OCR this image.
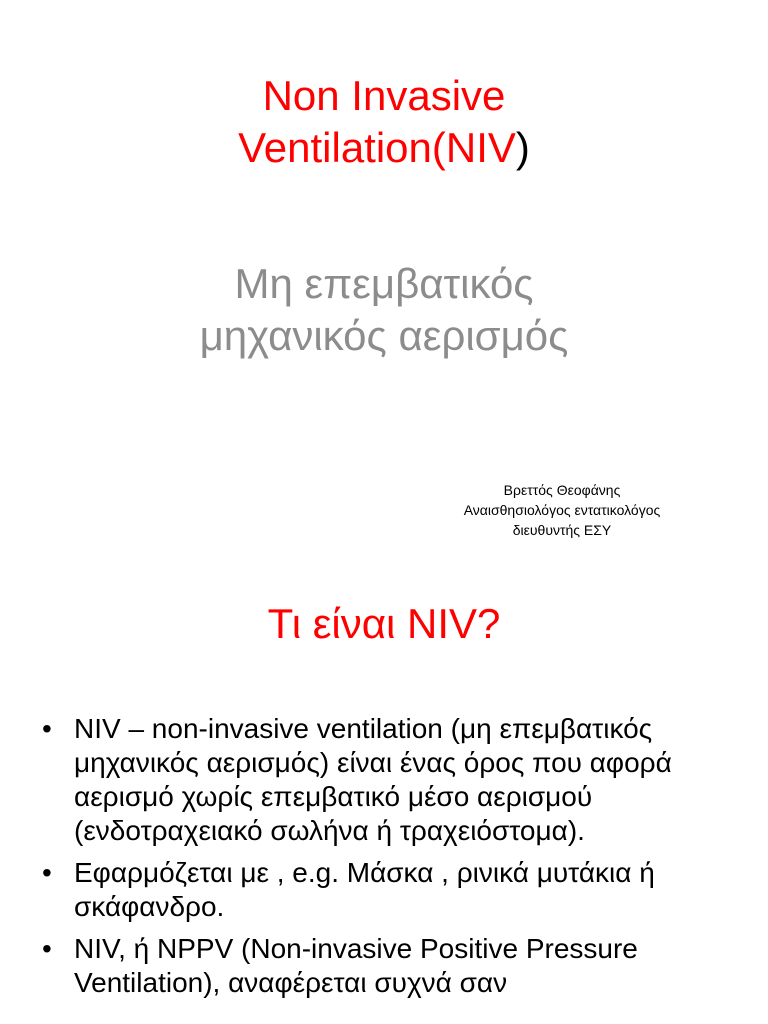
Non Invasive
Ventilation(NIV)
Μη επεμβατικός
μηχανικός αερισμός
Βρεττός Θεοφάνης
Αναισθησιολόγος εντατικολόγος
διευθυντής ΕΣΥ
Τι είναι NIV?
• NIV – non-invasive ventilation (μη επεμβατικός μηχανικός αερισμός) είναι ένας όρος που αφορά αερισμό χωρίς επεμβατικό μέσο αερισμού (ενδοτραχειακό σωλήνα ή τραχειόστομα).
• Εφαρμόζεται με , e.g. Μάσκα , ρινικά μυτάκια ή σκάφανδρο.
• NIV, ή NPPV (Non-invasive Positive Pressure Ventilation), αναφέρεται συχνά σαν
